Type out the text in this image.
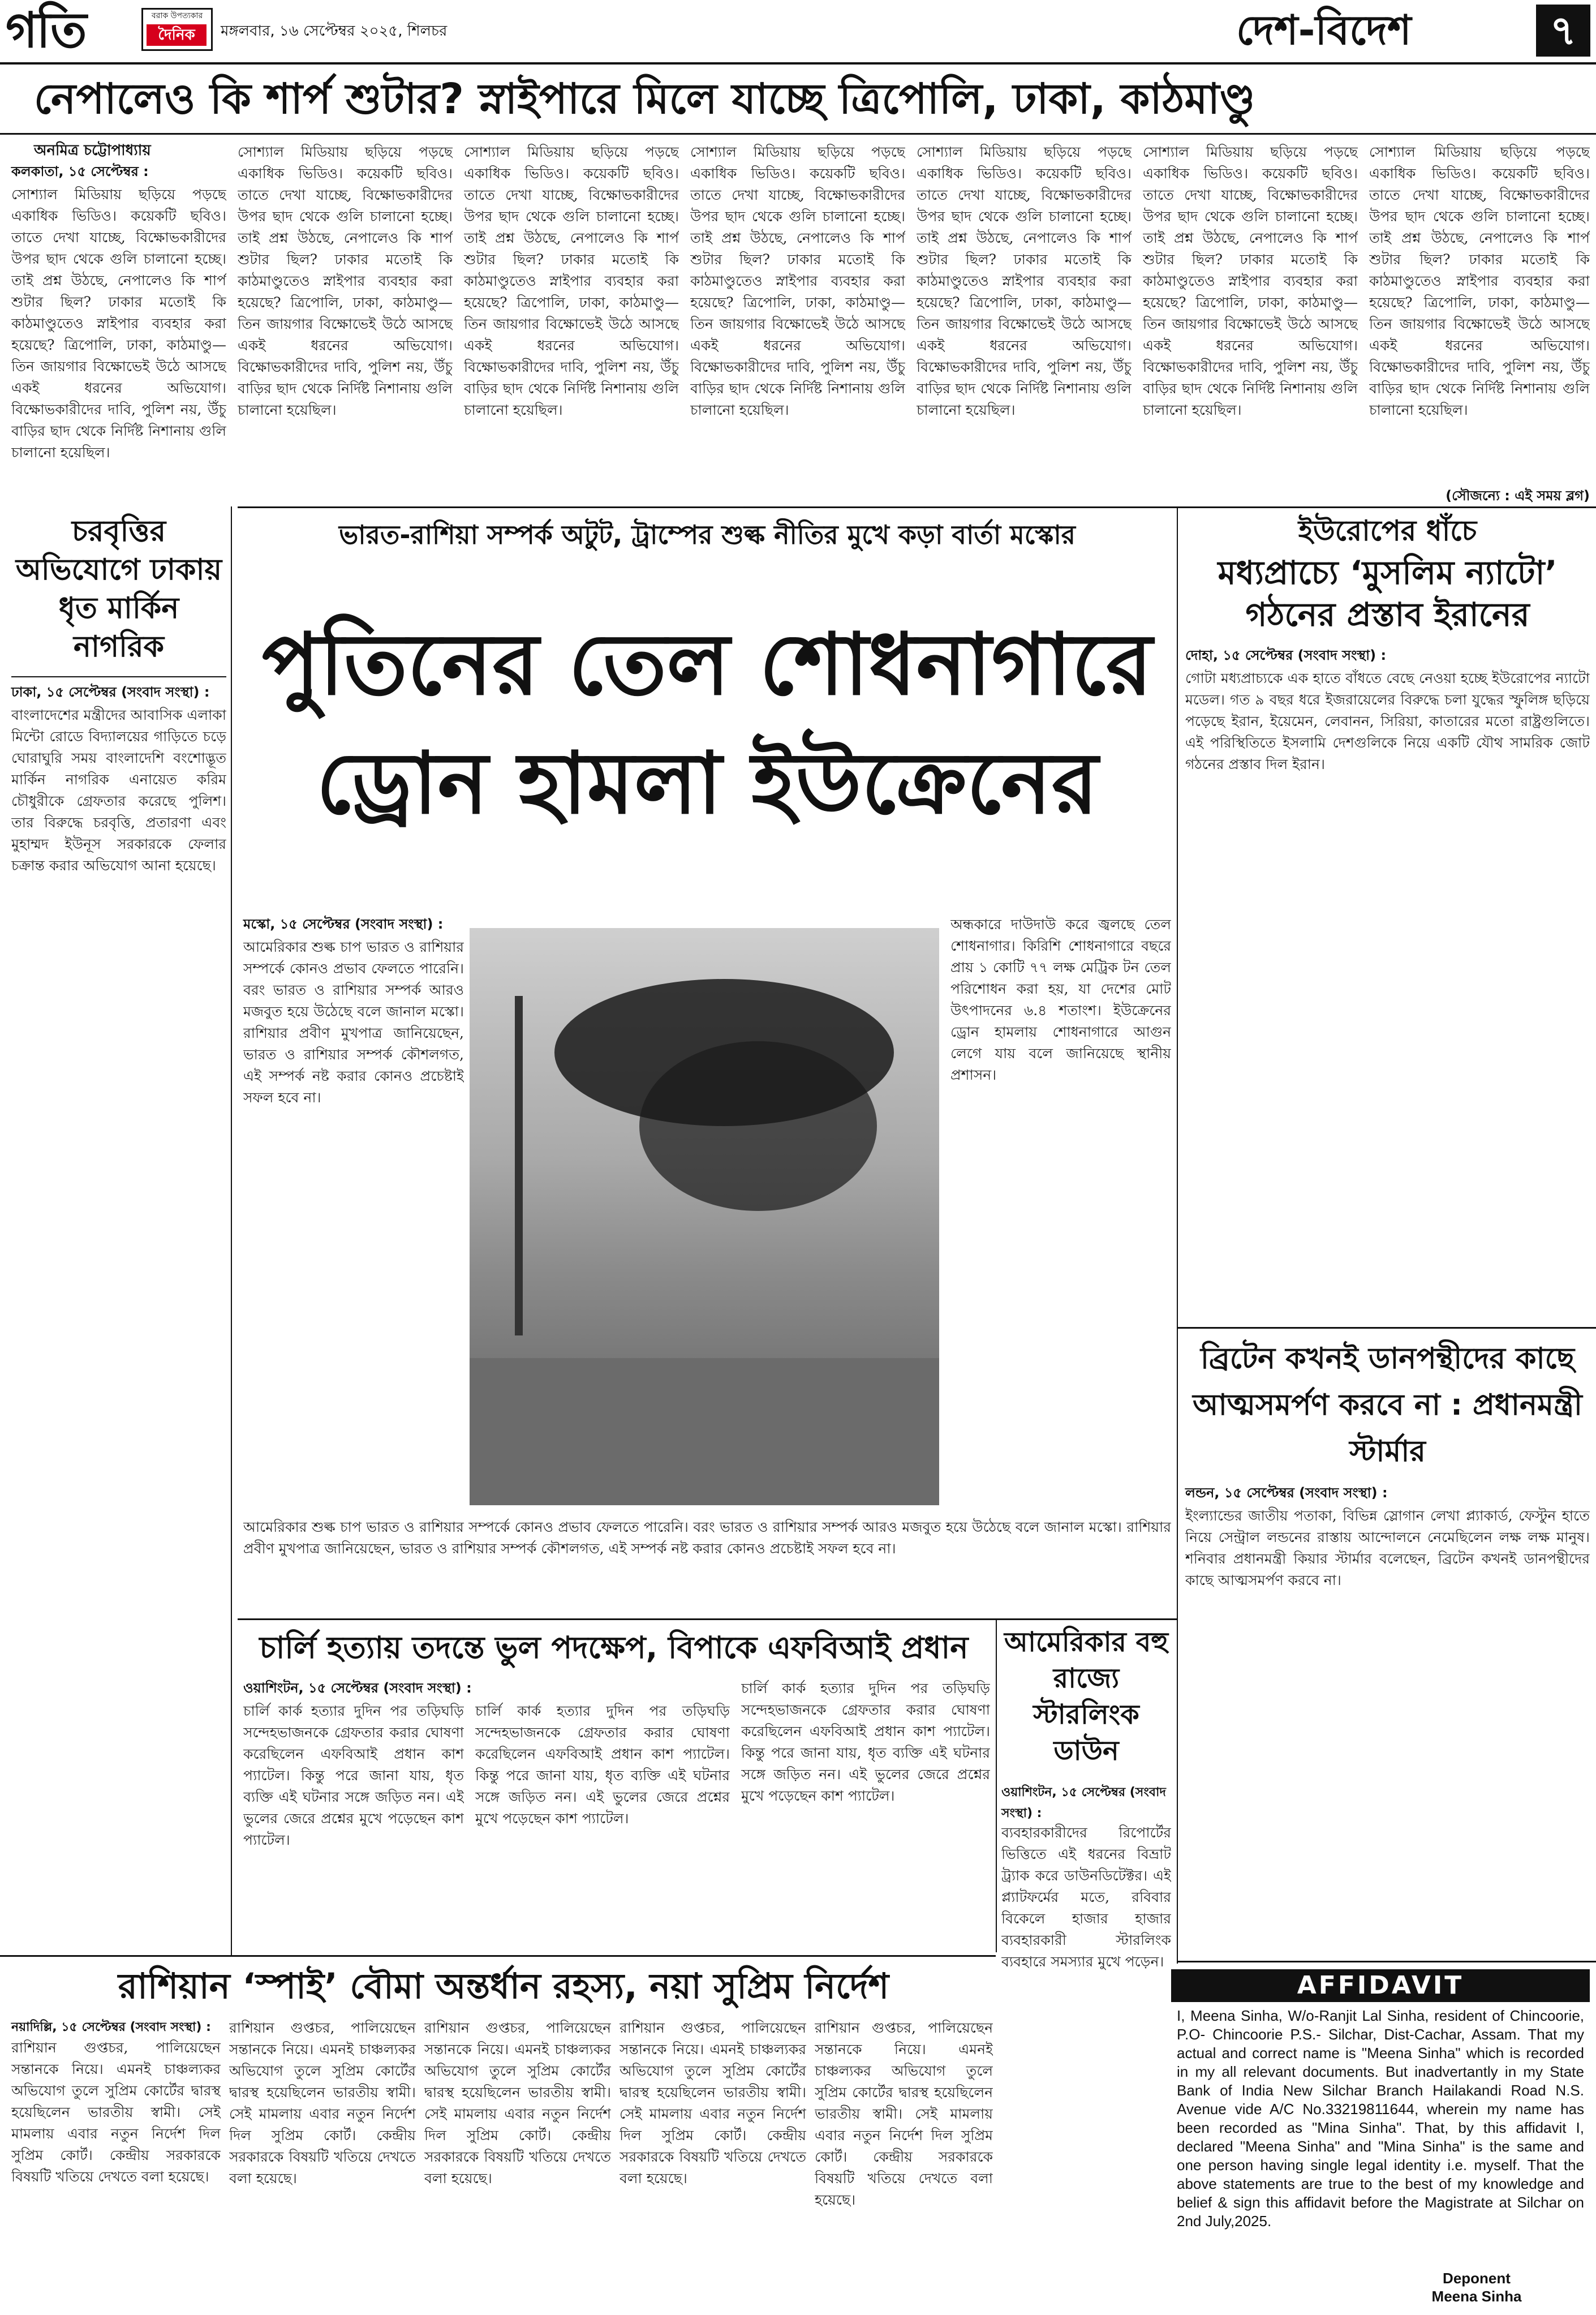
গতি	বরাক উপত্যকার
দৈনিক	মঙ্গলবার, ১৬ সেপ্টেম্বর ২০২৫, শিলচর	দেশ-বিদেশ	৭
নেপালেও কি শার্প শুটার? স্নাইপারে মিলে যাচ্ছে ত্রিপোলি, ঢাকা, কাঠমাণ্ডু
অনমিত্র চট্টোপাধ্যায়
কলকাতা, ১৫ সেপ্টেম্বর :
সোশ্যাল মিডিয়ায় ছড়িয়ে পড়ছে একাধিক ভিডিও। কয়েকটি ছবিও। তাতে দেখা যাচ্ছে, বিক্ষোভকারীদের উপর ছাদ থেকে গুলি চালানো হচ্ছে। তাই প্রশ্ন উঠছে, নেপালেও কি শার্প শুটার ছিল? ঢাকার মতোই কি কাঠমাণ্ডুতেও স্নাইপার ব্যবহার করা হয়েছে? ত্রিপোলি, ঢাকা, কাঠমাণ্ডু—তিন জায়গার বিক্ষোভেই উঠে আসছে একই ধরনের অভিযোগ। বিক্ষোভকারীদের দাবি, পুলিশ নয়, উঁচু বাড়ির ছাদ থেকে নির্দিষ্ট নিশানায় গুলি চালানো হয়েছিল।
সোশ্যাল মিডিয়ায় ছড়িয়ে পড়ছে একাধিক ভিডিও। কয়েকটি ছবিও। তাতে দেখা যাচ্ছে, বিক্ষোভকারীদের উপর ছাদ থেকে গুলি চালানো হচ্ছে। তাই প্রশ্ন উঠছে, নেপালেও কি শার্প শুটার ছিল? ঢাকার মতোই কি কাঠমাণ্ডুতেও স্নাইপার ব্যবহার করা হয়েছে? ত্রিপোলি, ঢাকা, কাঠমাণ্ডু—তিন জায়গার বিক্ষোভেই উঠে আসছে একই ধরনের অভিযোগ। বিক্ষোভকারীদের দাবি, পুলিশ নয়, উঁচু বাড়ির ছাদ থেকে নির্দিষ্ট নিশানায় গুলি চালানো হয়েছিল।
সোশ্যাল মিডিয়ায় ছড়িয়ে পড়ছে একাধিক ভিডিও। কয়েকটি ছবিও। তাতে দেখা যাচ্ছে, বিক্ষোভকারীদের উপর ছাদ থেকে গুলি চালানো হচ্ছে। তাই প্রশ্ন উঠছে, নেপালেও কি শার্প শুটার ছিল? ঢাকার মতোই কি কাঠমাণ্ডুতেও স্নাইপার ব্যবহার করা হয়েছে? ত্রিপোলি, ঢাকা, কাঠমাণ্ডু—তিন জায়গার বিক্ষোভেই উঠে আসছে একই ধরনের অভিযোগ। বিক্ষোভকারীদের দাবি, পুলিশ নয়, উঁচু বাড়ির ছাদ থেকে নির্দিষ্ট নিশানায় গুলি চালানো হয়েছিল।
সোশ্যাল মিডিয়ায় ছড়িয়ে পড়ছে একাধিক ভিডিও। কয়েকটি ছবিও। তাতে দেখা যাচ্ছে, বিক্ষোভকারীদের উপর ছাদ থেকে গুলি চালানো হচ্ছে। তাই প্রশ্ন উঠছে, নেপালেও কি শার্প শুটার ছিল? ঢাকার মতোই কি কাঠমাণ্ডুতেও স্নাইপার ব্যবহার করা হয়েছে? ত্রিপোলি, ঢাকা, কাঠমাণ্ডু—তিন জায়গার বিক্ষোভেই উঠে আসছে একই ধরনের অভিযোগ। বিক্ষোভকারীদের দাবি, পুলিশ নয়, উঁচু বাড়ির ছাদ থেকে নির্দিষ্ট নিশানায় গুলি চালানো হয়েছিল।
সোশ্যাল মিডিয়ায় ছড়িয়ে পড়ছে একাধিক ভিডিও। কয়েকটি ছবিও। তাতে দেখা যাচ্ছে, বিক্ষোভকারীদের উপর ছাদ থেকে গুলি চালানো হচ্ছে। তাই প্রশ্ন উঠছে, নেপালেও কি শার্প শুটার ছিল? ঢাকার মতোই কি কাঠমাণ্ডুতেও স্নাইপার ব্যবহার করা হয়েছে? ত্রিপোলি, ঢাকা, কাঠমাণ্ডু—তিন জায়গার বিক্ষোভেই উঠে আসছে একই ধরনের অভিযোগ। বিক্ষোভকারীদের দাবি, পুলিশ নয়, উঁচু বাড়ির ছাদ থেকে নির্দিষ্ট নিশানায় গুলি চালানো হয়েছিল।
সোশ্যাল মিডিয়ায় ছড়িয়ে পড়ছে একাধিক ভিডিও। কয়েকটি ছবিও। তাতে দেখা যাচ্ছে, বিক্ষোভকারীদের উপর ছাদ থেকে গুলি চালানো হচ্ছে। তাই প্রশ্ন উঠছে, নেপালেও কি শার্প শুটার ছিল? ঢাকার মতোই কি কাঠমাণ্ডুতেও স্নাইপার ব্যবহার করা হয়েছে? ত্রিপোলি, ঢাকা, কাঠমাণ্ডু—তিন জায়গার বিক্ষোভেই উঠে আসছে একই ধরনের অভিযোগ। বিক্ষোভকারীদের দাবি, পুলিশ নয়, উঁচু বাড়ির ছাদ থেকে নির্দিষ্ট নিশানায় গুলি চালানো হয়েছিল।
সোশ্যাল মিডিয়ায় ছড়িয়ে পড়ছে একাধিক ভিডিও। কয়েকটি ছবিও। তাতে দেখা যাচ্ছে, বিক্ষোভকারীদের উপর ছাদ থেকে গুলি চালানো হচ্ছে। তাই প্রশ্ন উঠছে, নেপালেও কি শার্প শুটার ছিল? ঢাকার মতোই কি কাঠমাণ্ডুতেও স্নাইপার ব্যবহার করা হয়েছে? ত্রিপোলি, ঢাকা, কাঠমাণ্ডু—তিন জায়গার বিক্ষোভেই উঠে আসছে একই ধরনের অভিযোগ। বিক্ষোভকারীদের দাবি, পুলিশ নয়, উঁচু বাড়ির ছাদ থেকে নির্দিষ্ট নিশানায় গুলি চালানো হয়েছিল।
(সৌজন্যে : এই সময় ব্লগ)
চরবৃত্তির অভিযোগে ঢাকায় ধৃত মার্কিন নাগরিক
ঢাকা, ১৫ সেপ্টেম্বর (সংবাদ সংস্থা) :
বাংলাদেশের মন্ত্রীদের আবাসিক এলাকা মিন্টো রোডে বিদ্যালয়ের গাড়িতে চড়ে ঘোরাঘুরি সময় বাংলাদেশি বংশোদ্ভূত মার্কিন নাগরিক এনায়েত করিম চৌধুরীকে গ্রেফতার করেছে পুলিশ। তার বিরুদ্ধে চরবৃত্তি, প্রতারণা এবং মুহাম্মদ ইউনূস সরকারকে ফেলার চক্রান্ত করার অভিযোগ আনা হয়েছে।
ভারত-রাশিয়া সম্পর্ক অটুট, ট্রাম্পের শুল্ক নীতির মুখে কড়া বার্তা মস্কোর
পুতিনের তেল শোধনাগারে
ড্রোন হামলা ইউক্রেনের
মস্কো, ১৫ সেপ্টেম্বর (সংবাদ সংস্থা) :
আমেরিকার শুল্ক চাপ ভারত ও রাশিয়ার সম্পর্কে কোনও প্রভাব ফেলতে পারেনি। বরং ভারত ও রাশিয়ার সম্পর্ক আরও মজবুত হয়ে উঠেছে বলে জানাল মস্কো। রাশিয়ার প্রবীণ মুখপাত্র জানিয়েছেন, ভারত ও রাশিয়ার সম্পর্ক কৌশলগত, এই সম্পর্ক নষ্ট করার কোনও প্রচেষ্টাই সফল হবে না।
অন্ধকারে দাউদাউ করে জ্বলছে তেল শোধনাগার। কিরিশি শোধনাগারে বছরে প্রায় ১ কোটি ৭৭ লক্ষ মেট্রিক টন তেল পরিশোধন করা হয়, যা দেশের মোট উৎপাদনের ৬.৪ শতাংশ। ইউক্রেনের ড্রোন হামলায় শোধনাগারে আগুন লেগে যায় বলে জানিয়েছে স্থানীয় প্রশাসন।
আমেরিকার শুল্ক চাপ ভারত ও রাশিয়ার সম্পর্কে কোনও প্রভাব ফেলতে পারেনি। বরং ভারত ও রাশিয়ার সম্পর্ক আরও মজবুত হয়ে উঠেছে বলে জানাল মস্কো। রাশিয়ার প্রবীণ মুখপাত্র জানিয়েছেন, ভারত ও রাশিয়ার সম্পর্ক কৌশলগত, এই সম্পর্ক নষ্ট করার কোনও প্রচেষ্টাই সফল হবে না।
ইউরোপের ধাঁচে
মধ্যপ্রাচ্যে ‘মুসলিম ন্যাটো’ গঠনের প্রস্তাব ইরানের
দোহা, ১৫ সেপ্টেম্বর (সংবাদ সংস্থা) :
গোটা মধ্যপ্রাচ্যকে এক হাতে বাঁধতে বেছে নেওয়া হচ্ছে ইউরোপের ন্যাটো মডেল। গত ৯ বছর ধরে ইজরায়েলের বিরুদ্ধে চলা যুদ্ধের স্ফুলিঙ্গ ছড়িয়ে পড়েছে ইরান, ইয়েমেন, লেবানন, সিরিয়া, কাতারের মতো রাষ্ট্রগুলিতে। এই পরিস্থিতিতে ইসলামি দেশগুলিকে নিয়ে একটি যৌথ সামরিক জোট গঠনের প্রস্তাব দিল ইরান।
চার্লি হত্যায় তদন্তে ভুল পদক্ষেপ, বিপাকে এফবিআই প্রধান
ওয়াশিংটন, ১৫ সেপ্টেম্বর (সংবাদ সংস্থা) :
চার্লি কার্ক হত্যার দুদিন পর তড়িঘড়ি সন্দেহভাজনকে গ্রেফতার করার ঘোষণা করেছিলেন এফবিআই প্রধান কাশ প্যাটেল। কিন্তু পরে জানা যায়, ধৃত ব্যক্তি এই ঘটনার সঙ্গে জড়িত নন। এই ভুলের জেরে প্রশ্নের মুখে পড়েছেন কাশ প্যাটেল।
চার্লি কার্ক হত্যার দুদিন পর তড়িঘড়ি সন্দেহভাজনকে গ্রেফতার করার ঘোষণা করেছিলেন এফবিআই প্রধান কাশ প্যাটেল। কিন্তু পরে জানা যায়, ধৃত ব্যক্তি এই ঘটনার সঙ্গে জড়িত নন। এই ভুলের জেরে প্রশ্নের মুখে পড়েছেন কাশ প্যাটেল।
চার্লি কার্ক হত্যার দুদিন পর তড়িঘড়ি সন্দেহভাজনকে গ্রেফতার করার ঘোষণা করেছিলেন এফবিআই প্রধান কাশ প্যাটেল। কিন্তু পরে জানা যায়, ধৃত ব্যক্তি এই ঘটনার সঙ্গে জড়িত নন। এই ভুলের জেরে প্রশ্নের মুখে পড়েছেন কাশ প্যাটেল।
আমেরিকার বহু রাজ্যে স্টারলিংক ডাউন
ওয়াশিংটন, ১৫ সেপ্টেম্বর (সংবাদ সংস্থা) :
ব্যবহারকারীদের রিপোর্টের ভিত্তিতে এই ধরনের বিভ্রাট ট্র্যাক করে ডাউনডিটেক্টর। এই প্ল্যাটফর্মের মতে, রবিবার বিকেলে হাজার হাজার ব্যবহারকারী স্টারলিংক ব্যবহারে সমস্যার মুখে পড়েন।
ব্রিটেন কখনই ডানপন্থীদের কাছে আত্মসমর্পণ করবে না : প্রধানমন্ত্রী স্টার্মার
লন্ডন, ১৫ সেপ্টেম্বর (সংবাদ সংস্থা) :
ইংল্যান্ডের জাতীয় পতাকা, বিভিন্ন স্লোগান লেখা প্ল্যাকার্ড, ফেস্টুন হাতে নিয়ে সেন্ট্রাল লন্ডনের রাস্তায় আন্দোলনে নেমেছিলেন লক্ষ লক্ষ মানুষ। শনিবার প্রধানমন্ত্রী কিয়ার স্টার্মার বলেছেন, ব্রিটেন কখনই ডানপন্থীদের কাছে আত্মসমর্পণ করবে না।
রাশিয়ান ‘স্পাই’ বৌমা অন্তর্ধান রহস্য, নয়া সুপ্রিম নির্দেশ
নয়াদিল্লি, ১৫ সেপ্টেম্বর (সংবাদ সংস্থা) :
রাশিয়ান গুপ্তচর, পালিয়েছেন সন্তানকে নিয়ে। এমনই চাঞ্চল্যকর অভিযোগ তুলে সুপ্রিম কোর্টের দ্বারস্থ হয়েছিলেন ভারতীয় স্বামী। সেই মামলায় এবার নতুন নির্দেশ দিল সুপ্রিম কোর্ট। কেন্দ্রীয় সরকারকে বিষয়টি খতিয়ে দেখতে বলা হয়েছে।
রাশিয়ান গুপ্তচর, পালিয়েছেন সন্তানকে নিয়ে। এমনই চাঞ্চল্যকর অভিযোগ তুলে সুপ্রিম কোর্টের দ্বারস্থ হয়েছিলেন ভারতীয় স্বামী। সেই মামলায় এবার নতুন নির্দেশ দিল সুপ্রিম কোর্ট। কেন্দ্রীয় সরকারকে বিষয়টি খতিয়ে দেখতে বলা হয়েছে।
রাশিয়ান গুপ্তচর, পালিয়েছেন সন্তানকে নিয়ে। এমনই চাঞ্চল্যকর অভিযোগ তুলে সুপ্রিম কোর্টের দ্বারস্থ হয়েছিলেন ভারতীয় স্বামী। সেই মামলায় এবার নতুন নির্দেশ দিল সুপ্রিম কোর্ট। কেন্দ্রীয় সরকারকে বিষয়টি খতিয়ে দেখতে বলা হয়েছে।
রাশিয়ান গুপ্তচর, পালিয়েছেন সন্তানকে নিয়ে। এমনই চাঞ্চল্যকর অভিযোগ তুলে সুপ্রিম কোর্টের দ্বারস্থ হয়েছিলেন ভারতীয় স্বামী। সেই মামলায় এবার নতুন নির্দেশ দিল সুপ্রিম কোর্ট। কেন্দ্রীয় সরকারকে বিষয়টি খতিয়ে দেখতে বলা হয়েছে।
রাশিয়ান গুপ্তচর, পালিয়েছেন সন্তানকে নিয়ে। এমনই চাঞ্চল্যকর অভিযোগ তুলে সুপ্রিম কোর্টের দ্বারস্থ হয়েছিলেন ভারতীয় স্বামী। সেই মামলায় এবার নতুন নির্দেশ দিল সুপ্রিম কোর্ট। কেন্দ্রীয় সরকারকে বিষয়টি খতিয়ে দেখতে বলা হয়েছে।
AFFIDAVIT
I, Meena Sinha, W/o-Ranjit Lal Sinha, resident of Chincoorie, P.O- Chincoorie P.S.- Silchar, Dist-Cachar, Assam. That my actual and correct name is "Meena Sinha" which is recorded in my all relevant documents. But inadvertantly in my State Bank of India New Silchar Branch Hailakandi Road N.S. Avenue vide A/C No.33219811644, wherein my name has been recorded as "Mina Sinha". That, by this affidavit I, declared "Meena Sinha" and "Mina Sinha" is the same and one person having single legal identity i.e. myself. That the above statements are true to the best of my knowledge and belief & sign this affidavit before the Magistrate at Silchar on 2nd July,2025.
Deponent
Meena Sinha
